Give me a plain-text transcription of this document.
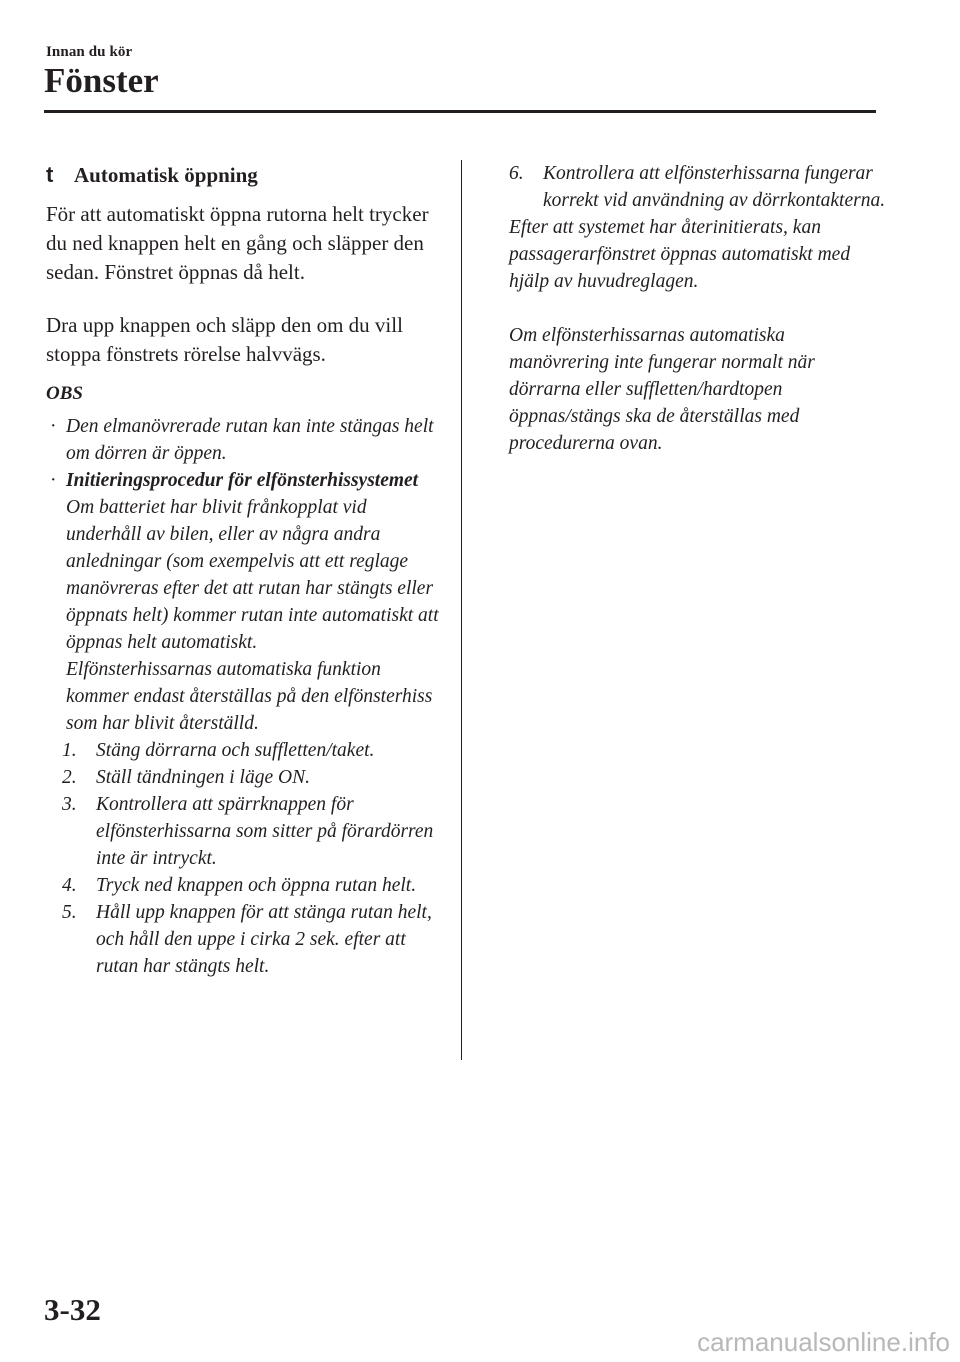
Innan du kör
Fönster
t Automatisk öppning

För att automatiskt öppna rutorna helt trycker du ned knappen helt en gång och släpper den sedan. Fönstret öppnas då helt.

Dra upp knappen och släpp den om du vill stoppa fönstrets rörelse halvvägs.

OBS
· Den elmanövrerade rutan kan inte stängas helt om dörren är öppen.
· Initieringsprocedur för elfönsterhissystemet
Om batteriet har blivit frånkopplat vid underhåll av bilen, eller av några andra anledningar (som exempelvis att ett reglage manövreras efter det att rutan har stängts eller öppnats helt) kommer rutan inte automatiskt att öppnas helt automatiskt.
Elfönsterhissarnas automatiska funktion kommer endast återställas på den elfönsterhiss som har blivit återställd.
1. Stäng dörrarna och suffletten/taket.
2. Ställ tändningen i läge ON.
3. Kontrollera att spärrknappen för elfönsterhissarna som sitter på förardörren inte är intryckt.
4. Tryck ned knappen och öppna rutan helt.
5. Håll upp knappen för att stänga rutan helt, och håll den uppe i cirka 2 sek. efter att rutan har stängts helt.
6. Kontrollera att elfönsterhissarna fungerar korrekt vid användning av dörrkontakterna.
Efter att systemet har återinitierats, kan passagerarfönstret öppnas automatiskt med hjälp av huvudreglagen.
Om elfönsterhissarnas automatiska manövrering inte fungerar normalt när dörrarna eller suffletten/hardtopen öppnas/stängs ska de återställas med procedurerna ovan.
3-32
carmanualsonline.info
